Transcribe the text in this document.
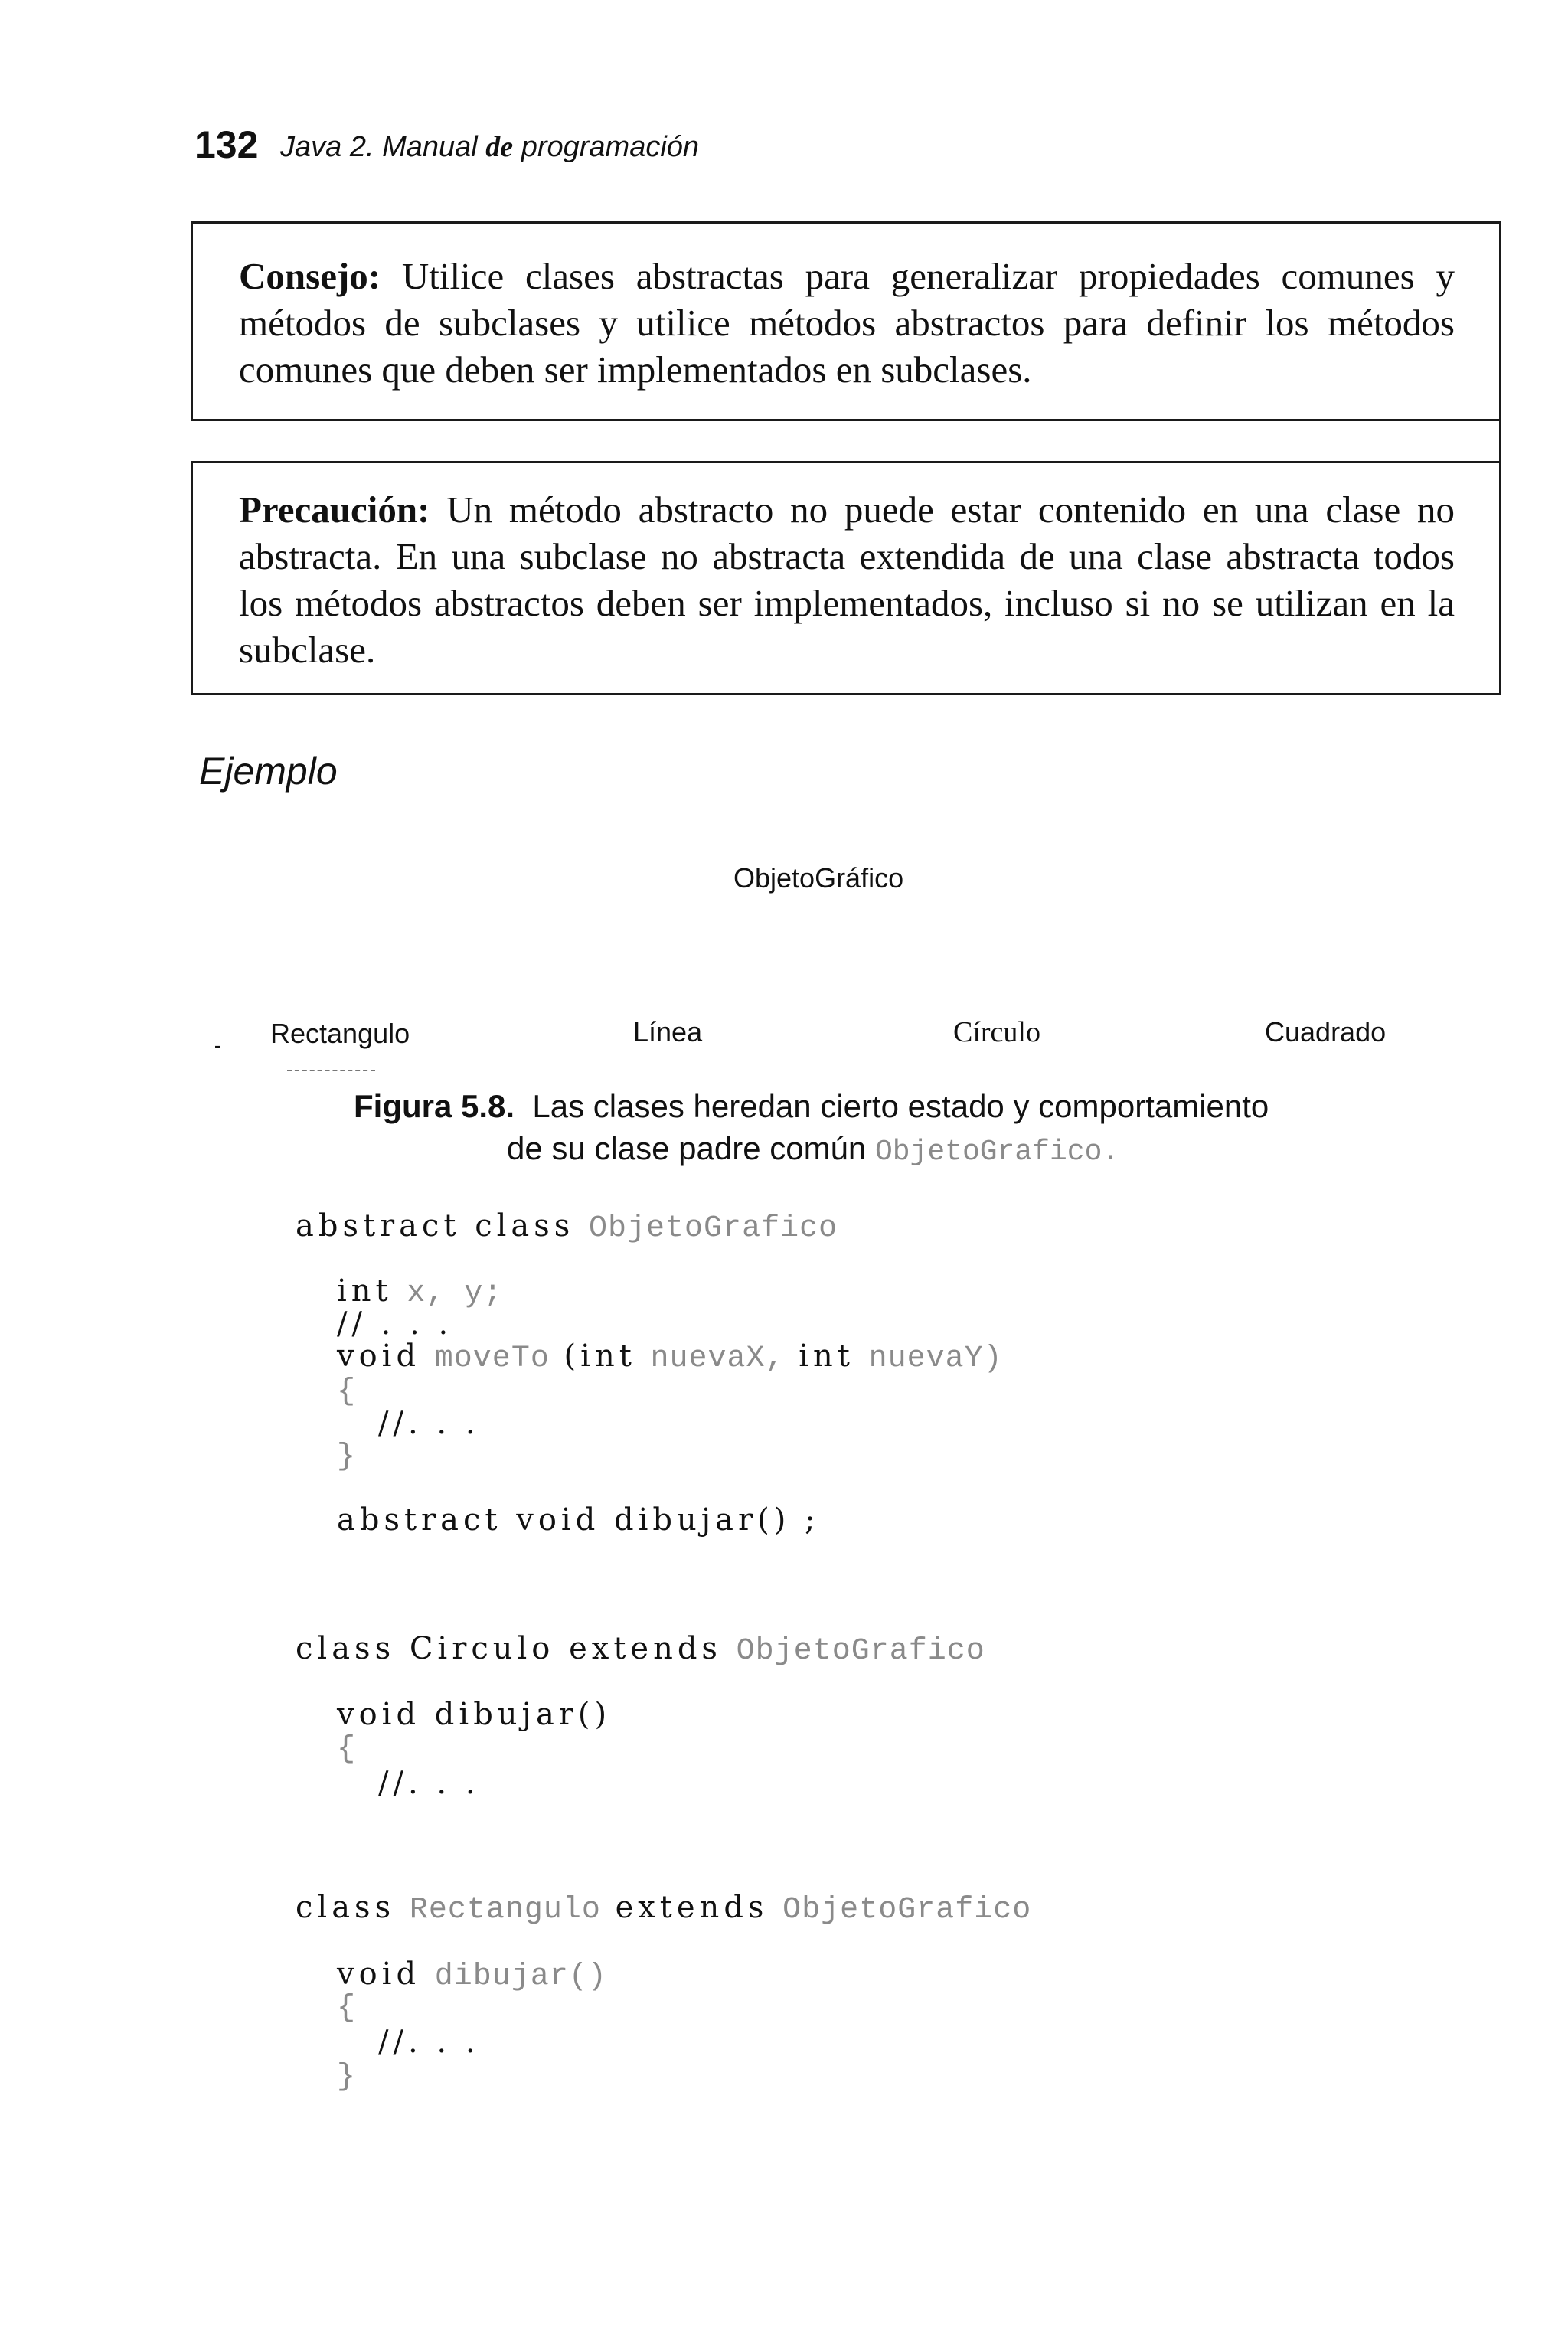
132 Java 2. Manual de programación

Consejo: Utilice clases abstractas para generalizar propiedades comunes y métodos de subclases y utilice métodos abstractos para definir los métodos comunes que deben ser implementados en subclases.

Precaución: Un método abstracto no puede estar contenido en una clase no abstracta. En una subclase no abstracta extendida de una clase abstracta todos los métodos abstractos deben ser implementados, incluso si no se utilizan en la subclase.

Ejemplo
ObjetoGráfico
- Rectangulo	Línea	Círculo	Cuadrado
Figura 5.8. Las clases heredan cierto estado y comportamiento
de su clase padre común ObjetoGrafico.
abstract class ObjetoGrafico
int x, y;
// . . .
void moveTo (int nuevaX, int nuevaY)
{
//. . .
}
abstract void dibujar() ;
class Circulo extends ObjetoGrafico
void dibujar()
{
//. . .
class Rectangulo extends ObjetoGrafico
void dibujar()
{
//. . .
}
